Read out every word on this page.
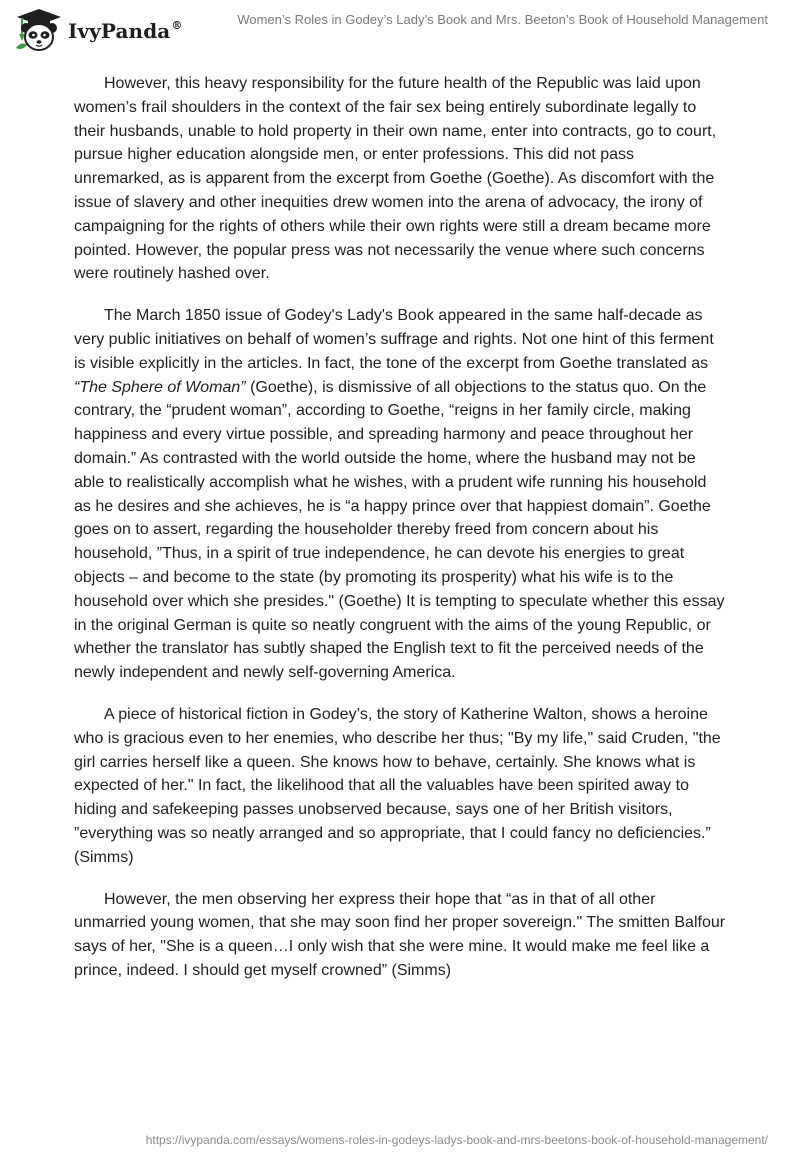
IvyPanda®	Women’s Roles in Godey’s Lady’s Book and Mrs. Beeton’s Book of Household Management

However, this heavy responsibility for the future health of the Republic was laid upon women’s frail shoulders in the context of the fair sex being entirely subordinate legally to their husbands, unable to hold property in their own name, enter into contracts, go to court, pursue higher education alongside men, or enter professions. This did not pass unremarked, as is apparent from the excerpt from Goethe (Goethe). As discomfort with the issue of slavery and other inequities drew women into the arena of advocacy, the irony of campaigning for the rights of others while their own rights were still a dream became more pointed. However, the popular press was not necessarily the venue where such concerns were routinely hashed over.

The March 1850 issue of Godey's Lady's Book appeared in the same half-decade as very public initiatives on behalf of women’s suffrage and rights. Not one hint of this ferment is visible explicitly in the articles. In fact, the tone of the excerpt from Goethe translated as “The Sphere of Woman” (Goethe), is dismissive of all objections to the status quo. On the contrary, the “prudent woman”, according to Goethe, “reigns in her family circle, making happiness and every virtue possible, and spreading harmony and peace throughout her domain.” As contrasted with the world outside the home, where the husband may not be able to realistically accomplish what he wishes, with a prudent wife running his household as he desires and she achieves, he is “a happy prince over that happiest domain”. Goethe goes on to assert, regarding the householder thereby freed from concern about his household, ”Thus, in a spirit of true independence, he can devote his energies to great objects – and become to the state (by promoting its prosperity) what his wife is to the household over which she presides." (Goethe) It is tempting to speculate whether this essay in the original German is quite so neatly congruent with the aims of the young Republic, or whether the translator has subtly shaped the English text to fit the perceived needs of the newly independent and newly self-governing America.

A piece of historical fiction in Godey’s, the story of Katherine Walton, shows a heroine who is gracious even to her enemies, who describe her thus; "By my life," said Cruden, "the girl carries herself like a queen. She knows how to behave, certainly. She knows what is expected of her." In fact, the likelihood that all the valuables have been spirited away to hiding and safekeeping passes unobserved because, says one of her British visitors, ”everything was so neatly arranged and so appropriate, that I could fancy no deficiencies.” (Simms)

However, the men observing her express their hope that “as in that of all other unmarried young women, that she may soon find her proper sovereign." The smitten Balfour says of her, "She is a queen…I only wish that she were mine. It would make me feel like a prince, indeed. I should get myself crowned” (Simms)

https://ivypanda.com/essays/womens-roles-in-godeys-ladys-book-and-mrs-beetons-book-of-household-management/
